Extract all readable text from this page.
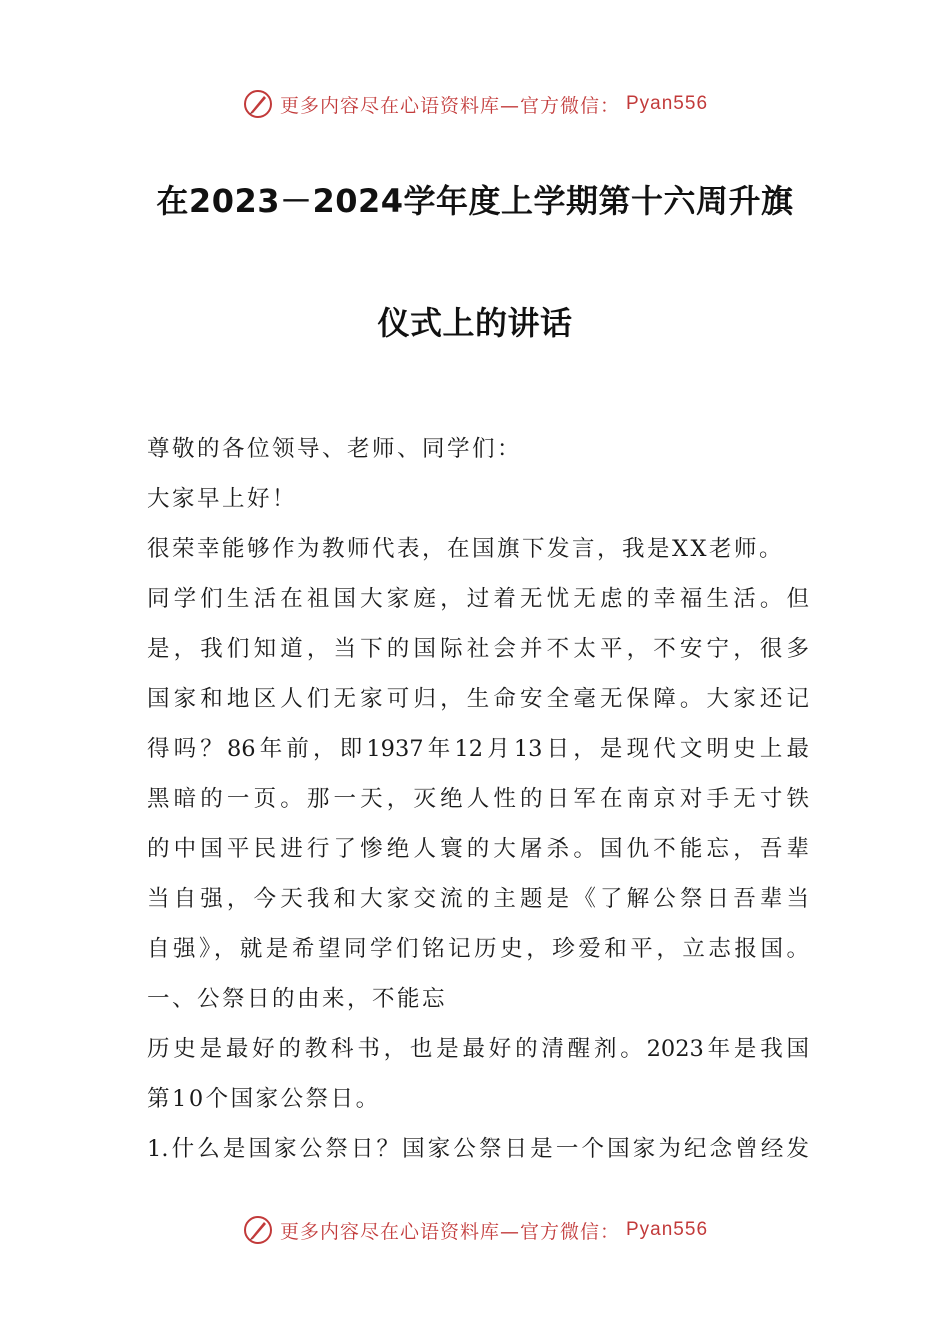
更多内容尽在心语资料库—官方微信： Pyan556
在2023－2024学年度上学期第十六周升旗
仪式上的讲话
尊敬的各位领导、老师、同学们：
大家早上好！
很荣幸能够作为教师代表，在国旗下发言，我是XX老师。
同学们生活在祖国大家庭，过着无忧无虑的幸福生活。但
是，我们知道，当下的国际社会并不太平，不安宁，很多
国家和地区人们无家可归，生命安全毫无保障。大家还记
得吗？86年前，即1937年12月13日，是现代文明史上最
黑暗的一页。那一天，灭绝人性的日军在南京对手无寸铁
的中国平民进行了惨绝人寰的大屠杀。国仇不能忘，吾辈
当自强，今天我和大家交流的主题是《了解公祭日吾辈当
自强》，就是希望同学们铭记历史，珍爱和平，立志报国。
一、公祭日的由来，不能忘
历史是最好的教科书，也是最好的清醒剂。2023年是我国
第10个国家公祭日。
1.什么是国家公祭日？国家公祭日是一个国家为纪念曾经发
更多内容尽在心语资料库—官方微信： Pyan556
